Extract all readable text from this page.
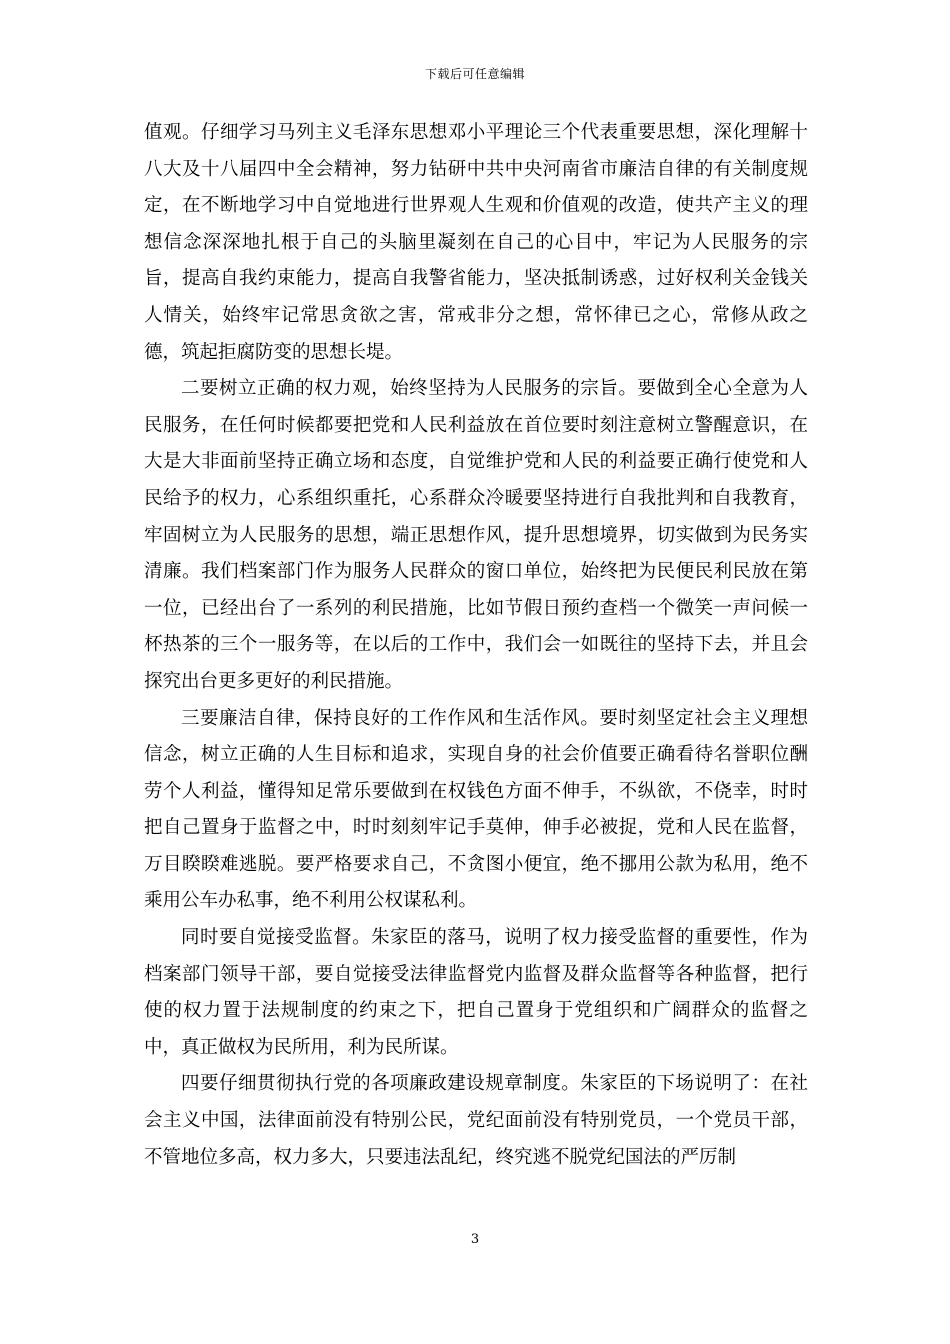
下载后可任意编辑

值观。仔细学习马列主义毛泽东思想邓小平理论三个代表重要思想，深化理解十八大及十八届四中全会精神，努力钻研中共中央河南省市廉洁自律的有关制度规定，在不断地学习中自觉地进行世界观人生观和价值观的改造，使共产主义的理想信念深深地扎根于自己的头脑里凝刻在自己的心目中，牢记为人民服务的宗旨，提高自我约束能力，提高自我警省能力，坚决抵制诱惑，过好权利关金钱关人情关，始终牢记常思贪欲之害，常戒非分之想，常怀律已之心，常修从政之德，筑起拒腐防变的思想长堤。

二要树立正确的权力观，始终坚持为人民服务的宗旨。要做到全心全意为人民服务，在任何时候都要把党和人民利益放在首位要时刻注意树立警醒意识，在大是大非面前坚持正确立场和态度，自觉维护党和人民的利益要正确行使党和人民给予的权力，心系组织重托，心系群众冷暖要坚持进行自我批判和自我教育，牢固树立为人民服务的思想，端正思想作风，提升思想境界，切实做到为民务实清廉。我们档案部门作为服务人民群众的窗口单位，始终把为民便民利民放在第一位，已经出台了一系列的利民措施，比如节假日预约查档一个微笑一声问候一杯热茶的三个一服务等，在以后的工作中，我们会一如既往的坚持下去，并且会探究出台更多更好的利民措施。

三要廉洁自律，保持良好的工作作风和生活作风。要时刻坚定社会主义理想信念，树立正确的人生目标和追求，实现自身的社会价值要正确看待名誉职位酬劳个人利益，懂得知足常乐要做到在权钱色方面不伸手，不纵欲，不侥幸，时时把自己置身于监督之中，时时刻刻牢记手莫伸，伸手必被捉，党和人民在监督，万目睽睽难逃脱。要严格要求自己，不贪图小便宜，绝不挪用公款为私用，绝不乘用公车办私事，绝不利用公权谋私利。

同时要自觉接受监督。朱家臣的落马，说明了权力接受监督的重要性，作为档案部门领导干部，要自觉接受法律监督党内监督及群众监督等各种监督，把行使的权力置于法规制度的约束之下，把自己置身于党组织和广阔群众的监督之中，真正做权为民所用，利为民所谋。

四要仔细贯彻执行党的各项廉政建设规章制度。朱家臣的下场说明了：在社会主义中国，法律面前没有特别公民，党纪面前没有特别党员，一个党员干部，不管地位多高，权力多大，只要违法乱纪，终究逃不脱党纪国法的严厉制

3
